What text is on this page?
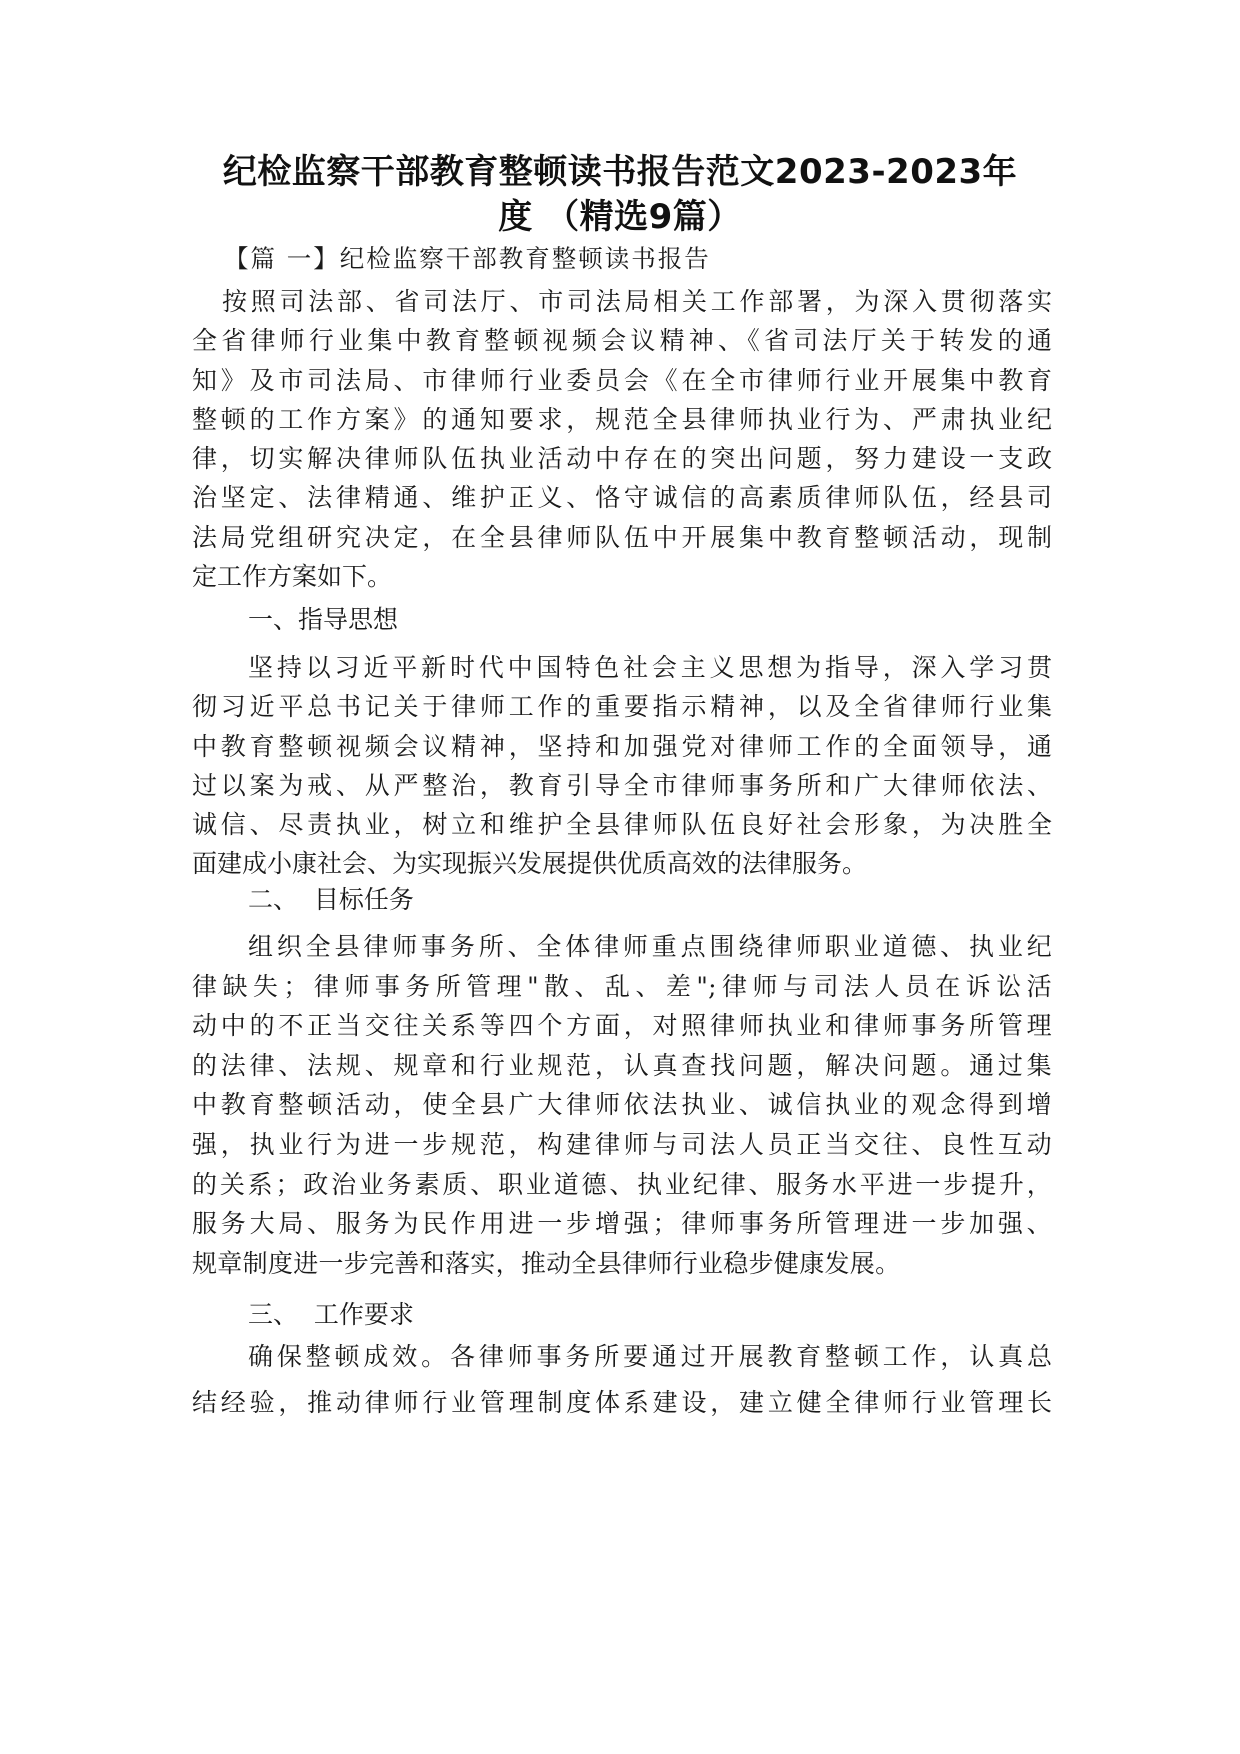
纪检监察干部教育整顿读书报告范文2023-2023年
度 （精选9篇）

【篇 一】纪检监察干部教育整顿读书报告

按照司法部、省司法厅、市司法局相关工作部署，为深入贯彻落实
全省律师行业集中教育整顿视频会议精神、《省司法厅关于转发的通
知》及市司法局、市律师行业委员会《在全市律师行业开展集中教育
整顿的工作方案》的通知要求，规范全县律师执业行为、严肃执业纪
律，切实解决律师队伍执业活动中存在的突出问题，努力建设一支政
治坚定、法律精通、维护正义、恪守诚信的高素质律师队伍，经县司
法局党组研究决定，在全县律师队伍中开展集中教育整顿活动，现制
定工作方案如下。

一、指导思想

坚持以习近平新时代中国特色社会主义思想为指导，深入学习贯
彻习近平总书记关于律师工作的重要指示精神，以及全省律师行业集
中教育整顿视频会议精神，坚持和加强党对律师工作的全面领导，通
过以案为戒、从严整治，教育引导全市律师事务所和广大律师依法、
诚信、尽责执业，树立和维护全县律师队伍良好社会形象，为决胜全
面建成小康社会、为实现振兴发展提供优质高效的法律服务。

二、  目标任务

组织全县律师事务所、全体律师重点围绕律师职业道德、执业纪
律缺失；律师事务所管理"散、乱、差";律师与司法人员在诉讼活
动中的不正当交往关系等四个方面，对照律师执业和律师事务所管理
的法律、法规、规章和行业规范，认真查找问题，解决问题。通过集
中教育整顿活动，使全县广大律师依法执业、诚信执业的观念得到增
强，执业行为进一步规范，构建律师与司法人员正当交往、良性互动
的关系；政治业务素质、职业道德、执业纪律、服务水平进一步提升，
服务大局、服务为民作用进一步增强；律师事务所管理进一步加强、
规章制度进一步完善和落实，推动全县律师行业稳步健康发展。

三、  工作要求

确保整顿成效。各律师事务所要通过开展教育整顿工作，认真总
结经验，推动律师行业管理制度体系建设，建立健全律师行业管理长
